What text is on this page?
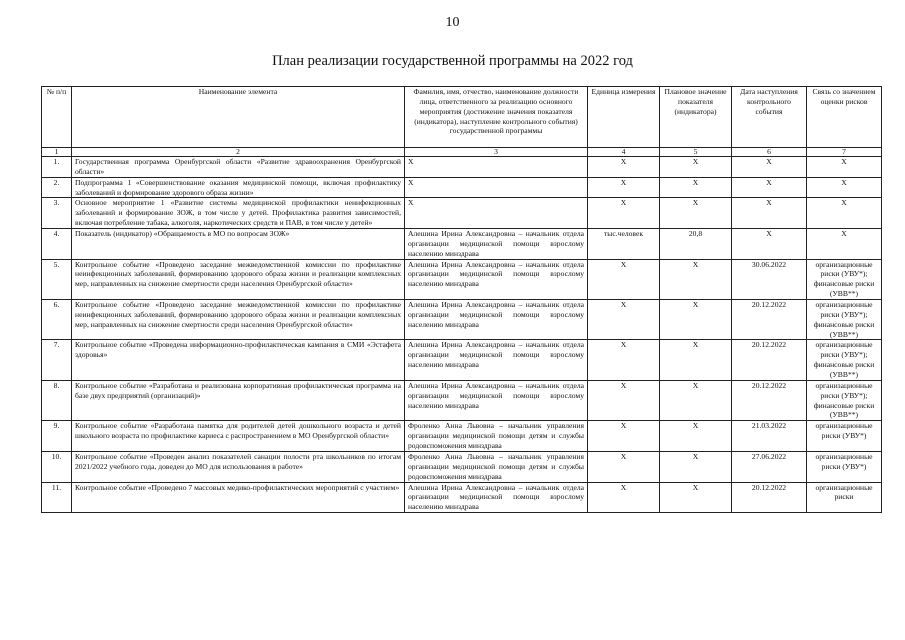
10
План реализации государственной программы на 2022 год
№ п/п	Наименование элемента	Фамилия, имя, отчество, наименование должности лица, ответственного за реализацию основного мероприятия (достижение значения показателя (индикатора), наступление контрольного события) государственной программы	Единица измерения	Плановое значение показателя (индикатора)	Дата наступления контрольного события	Связь со значением оценки рисков
1	2	3	4	5	6	7
1.	Государственная программа Оренбургской области «Развитие здравоохранения Оренбургской области»	X	X	X	X	X
2.	Подпрограмма 1 «Совершенствование оказания медицинской помощи, включая профилактику заболеваний и формирование здорового образа жизни»	X	X	X	X	X
3.	Основное мероприятие 1 «Развитие системы медицинской профилактики неинфекционных заболеваний и формирование ЗОЖ, в том числе у детей. Профилактика развития зависимостей, включая потребление табака, алкоголя, наркотических средств и ПАВ, в том числе у детей»	X	X	X	X	X
4.	Показатель (индикатор) «Обращаемость в МО по вопросам ЗОЖ»	Алешина Ирина Александровна – начальник отдела организации медицинской помощи взрослому населению минздрава	тыс.человек	20,8	X	X
5.	Контрольное событие «Проведено заседание межведомственной комиссии по профилактике неинфекционных заболеваний, формированию здорового образа жизни и реализации комплексных мер, направленных на снижение смертности среди населения Оренбургской области»	Алешина Ирина Александровна – начальник отдела организации медицинской помощи взрослому населению минздрава	X	X	30.06.2022	организационные риски (УВУ*); финансовые риски (УВВ**)
6.	Контрольное событие «Проведено заседание межведомственной комиссии по профилактике неинфекционных заболеваний, формированию здорового образа жизни и реализации комплексных мер, направленных на снижение смертности среди населения Оренбургской области»	Алешина Ирина Александровна – начальник отдела организации медицинской помощи взрослому населению минздрава	X	X	20.12.2022	организационные риски (УВУ*); финансовые риски (УВВ**)
7.	Контрольное событие «Проведена информационно-профилактическая кампания в СМИ «Эстафета здоровья»	Алешина Ирина Александровна – начальник отдела организации медицинской помощи взрослому населению минздрава	X	X	20.12.2022	организационные риски (УВУ*); финансовые риски (УВВ**)
8.	Контрольное событие «Разработана и реализована корпоративная профилактическая программа на базе двух предприятий (организаций)»	Алешина Ирина Александровна – начальник отдела организации медицинской помощи взрослому населению минздрава	X	X	20.12.2022	организационные риски (УВУ*); финансовые риски (УВВ**)
9.	Контрольное событие «Разработана памятка для родителей детей дошкольного возраста и детей школьного возраста по профилактике кариеса с распространением в МО Оренбургской области»	Фроленко Анна Львовна – начальник управления организации медицинской помощи детям и службы родовспоможения минздрава	X	X	21.03.2022	организационные риски (УВУ*)
10.	Контрольное событие «Проведен анализ показателей санации полости рта школьников по итогам 2021/2022 учебного года, доведен до МО для использования в работе»	Фроленко Анна Львовна – начальник управления организации медицинской помощи детям и службы родовспоможения минздрава	X	X	27.06.2022	организационные риски (УВУ*)
11.	Контрольное событие «Проведено 7 массовых медико-профилактических мероприятий с участием»	Алешина Ирина Александровна – начальник отдела организации медицинской помощи взрослому населению минздрава	X	X	20.12.2022	организационные риски
